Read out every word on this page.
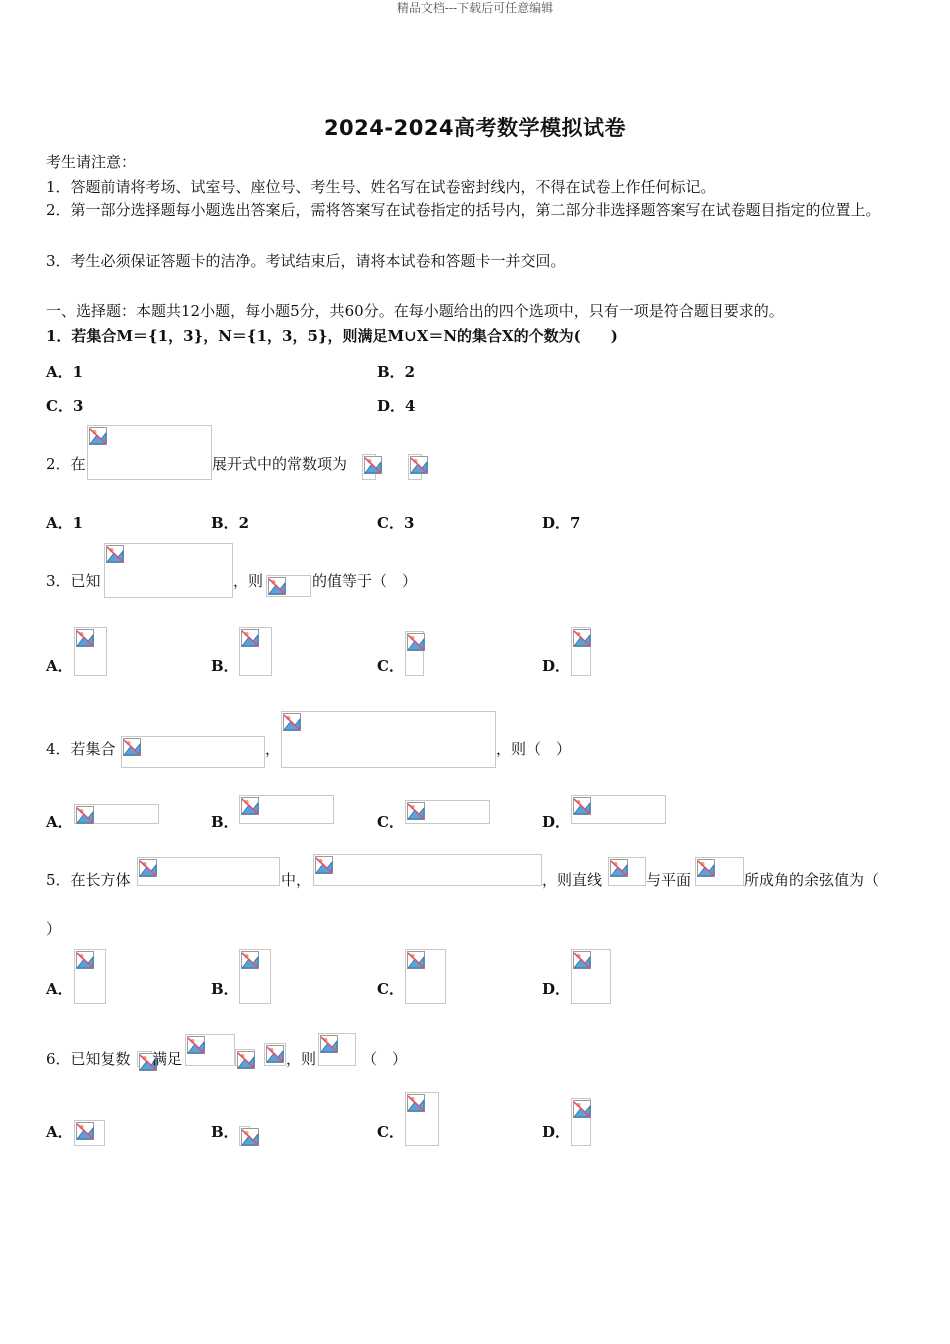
精品文档---下载后可任意编辑
2024-2024高考数学模拟试卷
考生请注意：
1．答题前请将考场、试室号、座位号、考生号、姓名写在试卷密封线内，不得在试卷上作任何标记。
2．第一部分选择题每小题选出答案后，需将答案写在试卷指定的括号内，第二部分非选择题答案写在试卷题目指定的位置上。
3．考生必须保证答题卡的洁净。考试结束后，请将本试卷和答题卡一并交回。
一、选择题：本题共12小题，每小题5分，共60分。在每小题给出的四个选项中，只有一项是符合题目要求的。
1．若集合M＝{1，3}，N＝{1，3，5}，则满足M∪X＝N的集合X的个数为(　　)
A．1	B．2
C．3	D．4
2．在	展开式中的常数项为
A．1	B．2	C．3	D．7
3．已知	，则	的值等于（　）
A．	B．	C．	D．
4．若集合	，	，则（　）
A．	B．	C．	D．
5．在长方体	中，	，则直线	与平面	所成角的余弦值为（
）
A．	B．	C．	D．
6．已知复数 满足	，则	（　）
A．	B．	C．	D．
